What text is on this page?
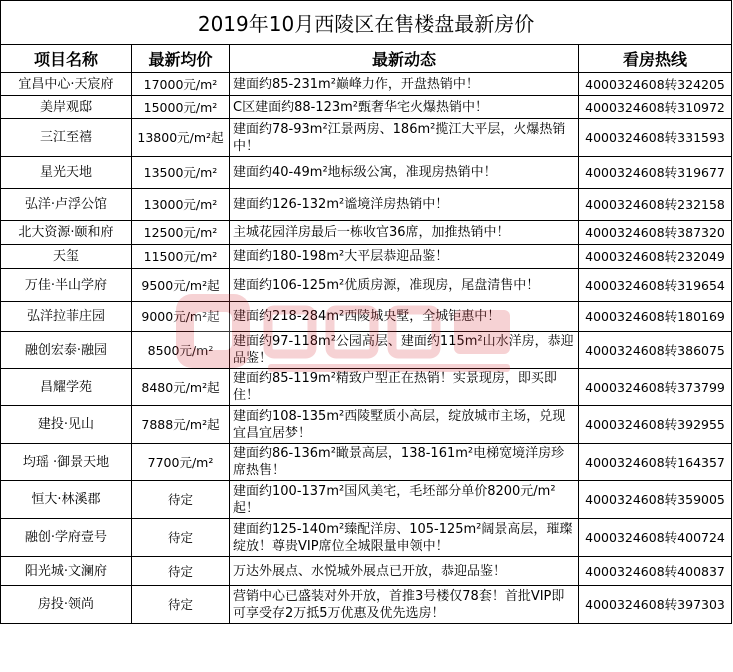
2019年10月西陵区在售楼盘最新房价			
项目名称	最新均价	最新动态	看房热线
宜昌中心·天宸府	17000元/m²	建面约85-231m²巅峰力作，开盘热销中！	4000324608转324205
美岸观邸	15000元/m²	C区建面约88-123m²甄奢华宅火爆热销中！	4000324608转310972
三江至禧	13800元/m²起	建面约78-93m²江景两房、186m²揽江大平层，火爆热销中！	4000324608转331593
星光天地	13500元/m²	建面约40-49m²地标级公寓，准现房热销中！	4000324608转319677
弘洋·卢浮公馆	13000元/m²	建面约126-132m²谧境洋房热销中！	4000324608转232158
北大资源·颐和府	12500元/m²	主城花园洋房最后一栋收官36席，加推热销中！	4000324608转387320
天玺	11500元/m²	建面约180-198m²大平层恭迎品鉴！	4000324608转232049
万佳·半山学府	9500元/m²起	建面约106-125m²优质房源，准现房，尾盘清售中！	4000324608转319654
弘洋拉菲庄园	9000元/m²起	建面约218-284m²西陵城央墅，全城钜惠中！	4000324608转180169
融创宏泰·融园	8500元/m²	建面约97-118m²公园高层、建面约115m²山水洋房，恭迎品鉴！	4000324608转386075
昌耀学苑	8480元/m²起	建面约85-119m²精致户型正在热销！实景现房，即买即住！	4000324608转373799
建投·见山	7888元/m²起	建面约108-135m²西陵墅质小高层，绽放城市主场，兑现宜昌宜居梦！	4000324608转392955
均瑶 ·御景天地	7700元/m²	建面约86-136m²瞰景高层，138-161m²电梯宽境洋房珍席热售！	4000324608转164357
恒大·林溪郡	待定	建面约100-137m²国风美宅，毛坯部分单价8200元/m²起！	4000324608转359005
融创·学府壹号	待定	建面约125-140m²臻配洋房、105-125m²阔景高层，璀璨绽放！尊贵VIP席位全城限量申领中！	4000324608转400724
阳光城·文澜府	待定	万达外展点、水悦城外展点已开放，恭迎品鉴！	4000324608转400837
房投·领尚	待定	营销中心已盛装对外开放，首推3号楼仅78套！首批VIP即可享受存2万抵5万优惠及优先选房！	4000324608转397303
